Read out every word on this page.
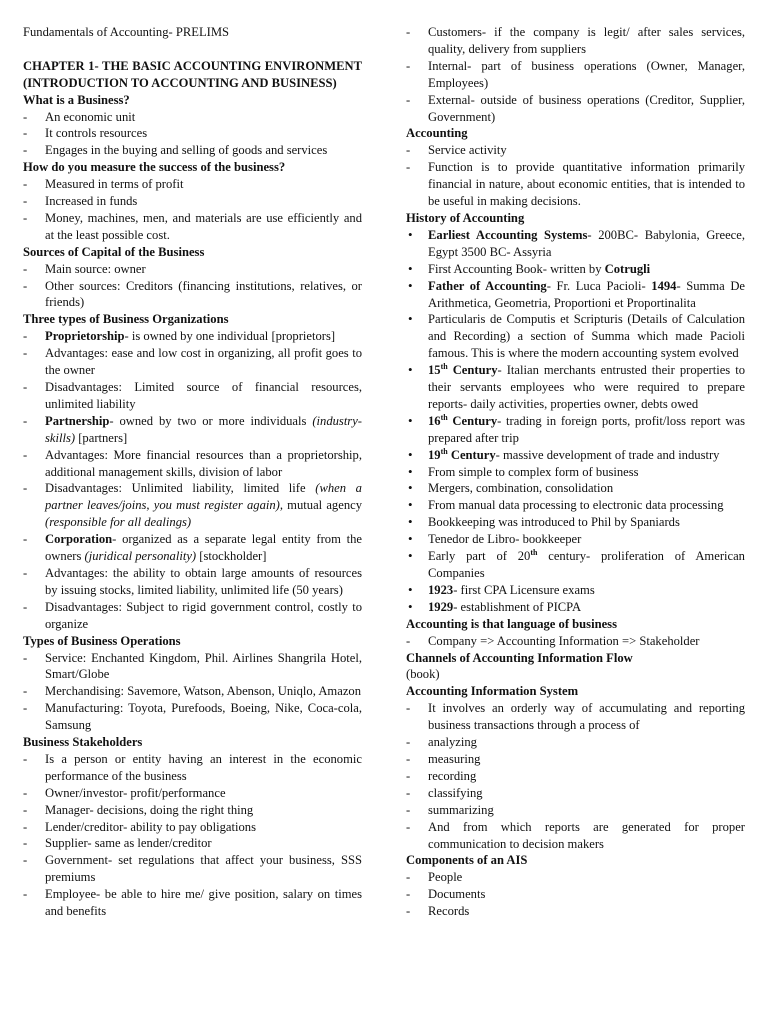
Fundamentals of Accounting- PRELIMS

CHAPTER 1- THE BASIC ACCOUNTING ENVIRONMENT (INTRODUCTION TO ACCOUNTING AND BUSINESS)

What is a Business?

-	An economic unit
-	It controls resources
-	Engages in the buying and selling of goods and services

How do you measure the success of the business?

-	Measured in terms of profit
-	Increased in funds
-	Money, machines, men, and materials are use efficiently and at the least possible cost.

Sources of Capital of the Business

-	Main source: owner
-	Other sources: Creditors (financing institutions, relatives, or friends)

Three types of Business Organizations

-	Proprietorship- is owned by one individual [proprietors]
-	Advantages: ease and low cost in organizing, all profit goes to the owner
-	Disadvantages: Limited source of financial resources, unlimited liability
-	Partnership- owned by two or more individuals (industry- skills) [partners]
-	Advantages: More financial resources than a proprietorship, additional management skills, division of labor
-	Disadvantages: Unlimited liability, limited life (when a partner leaves/joins, you must register again), mutual agency (responsible for all dealings)
-	Corporation- organized as a separate legal entity from the owners (juridical personality) [stockholder]
-	Advantages: the ability to obtain large amounts of resources by issuing stocks, limited liability, unlimited life (50 years)
-	Disadvantages: Subject to rigid government control, costly to organize

Types of Business Operations

-	Service: Enchanted Kingdom, Phil. Airlines Shangrila Hotel, Smart/Globe
-	Merchandising: Savemore, Watson, Abenson, Uniqlo, Amazon
-	Manufacturing: Toyota, Purefoods, Boeing, Nike, Coca-cola, Samsung

Business Stakeholders

-	Is a person or entity having an interest in the economic performance of the business
-	Owner/investor- profit/performance
-	Manager- decisions, doing the right thing
-	Lender/creditor- ability to pay obligations
-	Supplier- same as lender/creditor
-	Government- set regulations that affect your business, SSS premiums
-	Employee- be able to hire me/ give position, salary on times and benefits
-	Customers- if the company is legit/ after sales services, quality, delivery from suppliers
-	Internal- part of business operations (Owner, Manager, Employees)
-	External- outside of business operations (Creditor, Supplier, Government)

Accounting

-	Service activity
-	Function is to provide quantitative information primarily financial in nature, about economic entities, that is intended to be useful in making decisions.

History of Accounting

•	Earliest Accounting Systems- 200BC- Babylonia, Greece, Egypt 3500 BC- Assyria
•	First Accounting Book- written by Cotrugli
•	Father of Accounting- Fr. Luca Pacioli- 1494- Summa De Arithmetica, Geometria, Proportioni et Proportinalita
•	Particularis de Computis et Scripturis (Details of Calculation and Recording) a section of Summa which made Pacioli famous. This is where the modern accounting system evolved
•	15th Century- Italian merchants entrusted their properties to their servants employees who were required to prepare reports- daily activities, properties owner, debts owed
•	16th Century- trading in foreign ports, profit/loss report was prepared after trip
•	19th Century- massive development of trade and industry
•	From simple to complex form of business
•	Mergers, combination, consolidation
•	From manual data processing to electronic data processing
•	Bookkeeping was introduced to Phil by Spaniards
•	Tenedor de Libro- bookkeeper
•	Early part of 20th century- proliferation of American Companies
•	1923- first CPA Licensure exams
•	1929- establishment of PICPA

Accounting is that language of business

-	Company => Accounting Information => Stakeholder

Channels of Accounting Information Flow

(book)

Accounting Information System

-	It involves an orderly way of accumulating and reporting business transactions through a process of
-	analyzing
-	measuring
-	recording
-	classifying
-	summarizing
-	And from which reports are generated for proper communication to decision makers

Components of an AIS

-	People
-	Documents
-	Records
